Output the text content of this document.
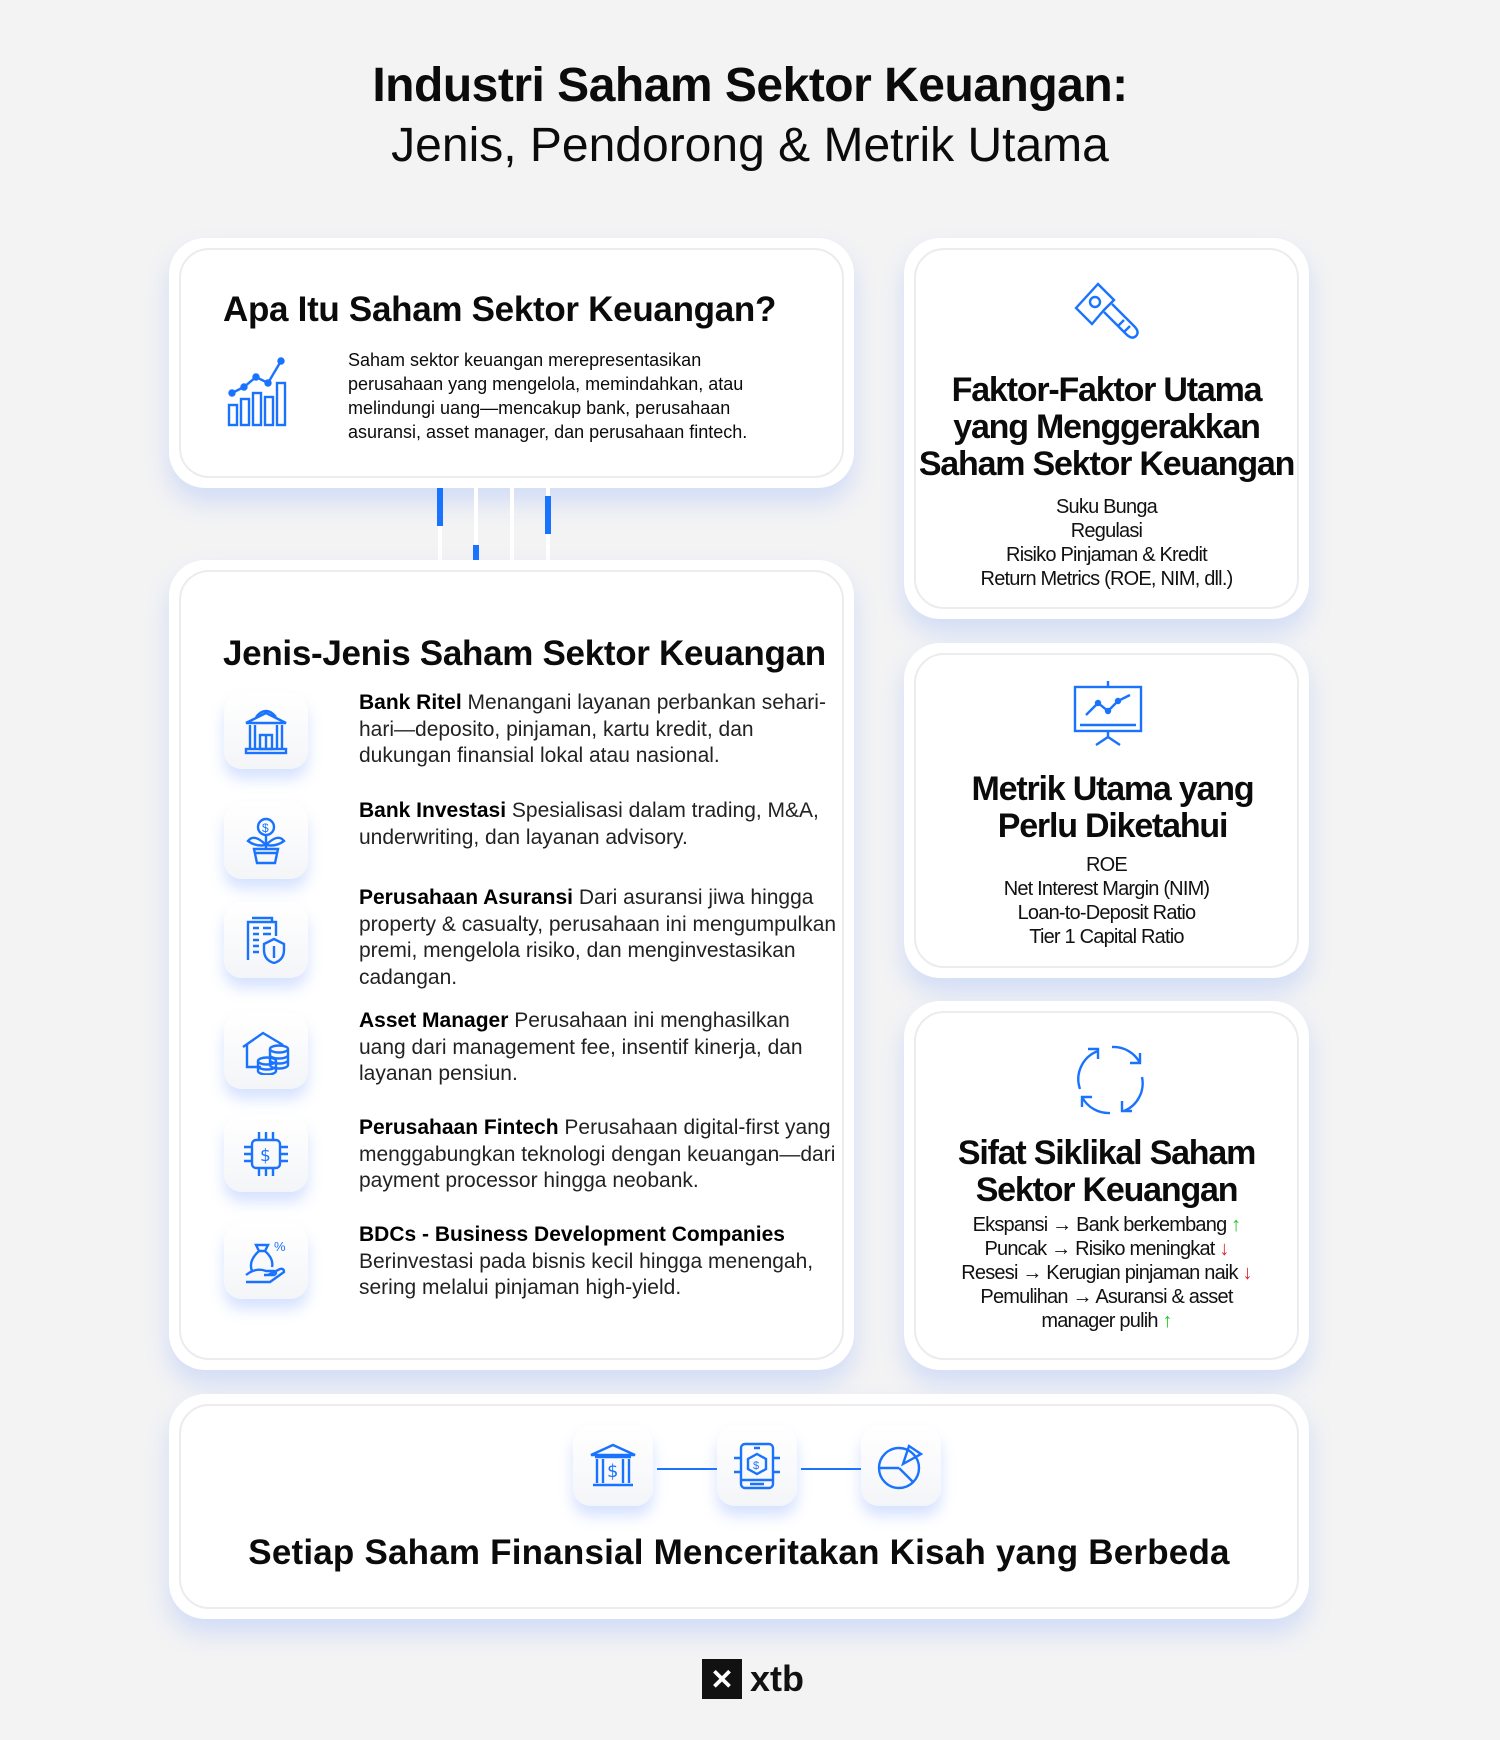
Industri Saham Sektor Keuangan:
Jenis, Pendorong & Metrik Utama
Apa Itu Saham Sektor Keuangan?
Saham sektor keuangan merepresentasikan perusahaan yang mengelola, memindahkan, atau melindungi uang—mencakup bank, perusahaan asuransi, asset manager, dan perusahaan fintech.
Jenis-Jenis Saham Sektor Keuangan
Bank Ritel Menangani layanan perbankan sehari-hari—deposito, pinjaman, kartu kredit, dan dukungan finansial lokal atau nasional.
$
Bank Investasi Spesialisasi dalam trading, M&A, underwriting, dan layanan advisory.
Perusahaan Asuransi Dari asuransi jiwa hingga property & casualty, perusahaan ini mengumpulkan premi, mengelola risiko, dan menginvestasikan cadangan.
Asset Manager Perusahaan ini menghasilkan uang dari management fee, insentif kinerja, dan layanan pensiun.
$
Perusahaan Fintech Perusahaan digital-first yang menggabungkan teknologi dengan keuangan—dari payment processor hingga neobank.
%
BDCs - Business Development Companies
Berinvestasi pada bisnis kecil hingga menengah, sering melalui pinjaman high-yield.
Faktor-Faktor Utama yang Menggerakkan Saham Sektor Keuangan
Suku Bunga
Regulasi
Risiko Pinjaman & Kredit
Return Metrics (ROE, NIM, dll.)
Metrik Utama yang Perlu Diketahui
ROE
Net Interest Margin (NIM)
Loan-to-Deposit Ratio
Tier 1 Capital Ratio
Sifat Siklikal Saham Sektor Keuangan
Ekspansi → Bank berkembang ↑
Puncak → Risiko meningkat ↓
Resesi → Kerugian pinjaman naik ↓
Pemulihan → Asuransi & asset manager pulih ↑
$	$
Setiap Saham Finansial Menceritakan Kisah yang Berbeda
✕ xtb
